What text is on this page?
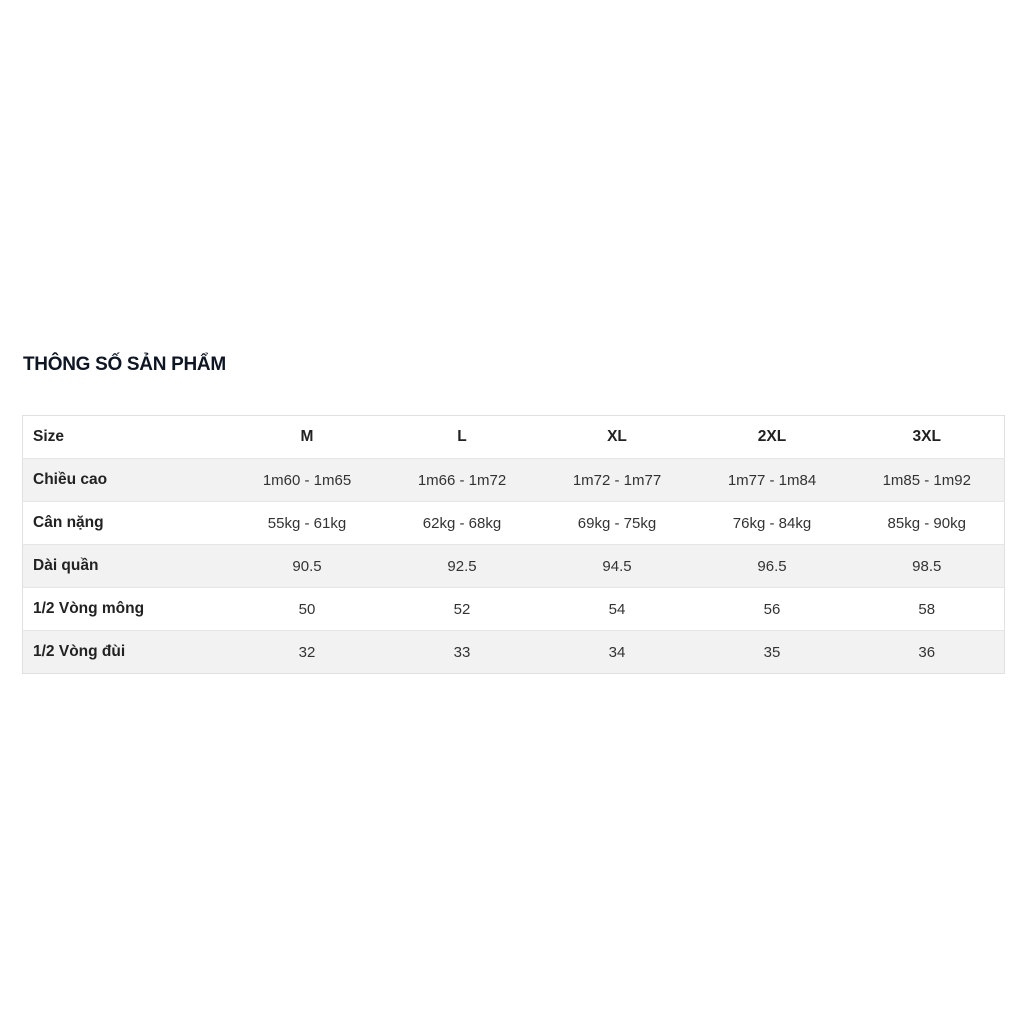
THÔNG SỐ SẢN PHẨM
Size	M	L	XL	2XL	3XL
Chiều cao	1m60 - 1m65	1m66 - 1m72	1m72 - 1m77	1m77 - 1m84	1m85 - 1m92
Cân nặng	55kg - 61kg	62kg - 68kg	69kg - 75kg	76kg - 84kg	85kg - 90kg
Dài quần	90.5	92.5	94.5	96.5	98.5
1/2 Vòng mông	50	52	54	56	58
1/2 Vòng đùi	32	33	34	35	36
